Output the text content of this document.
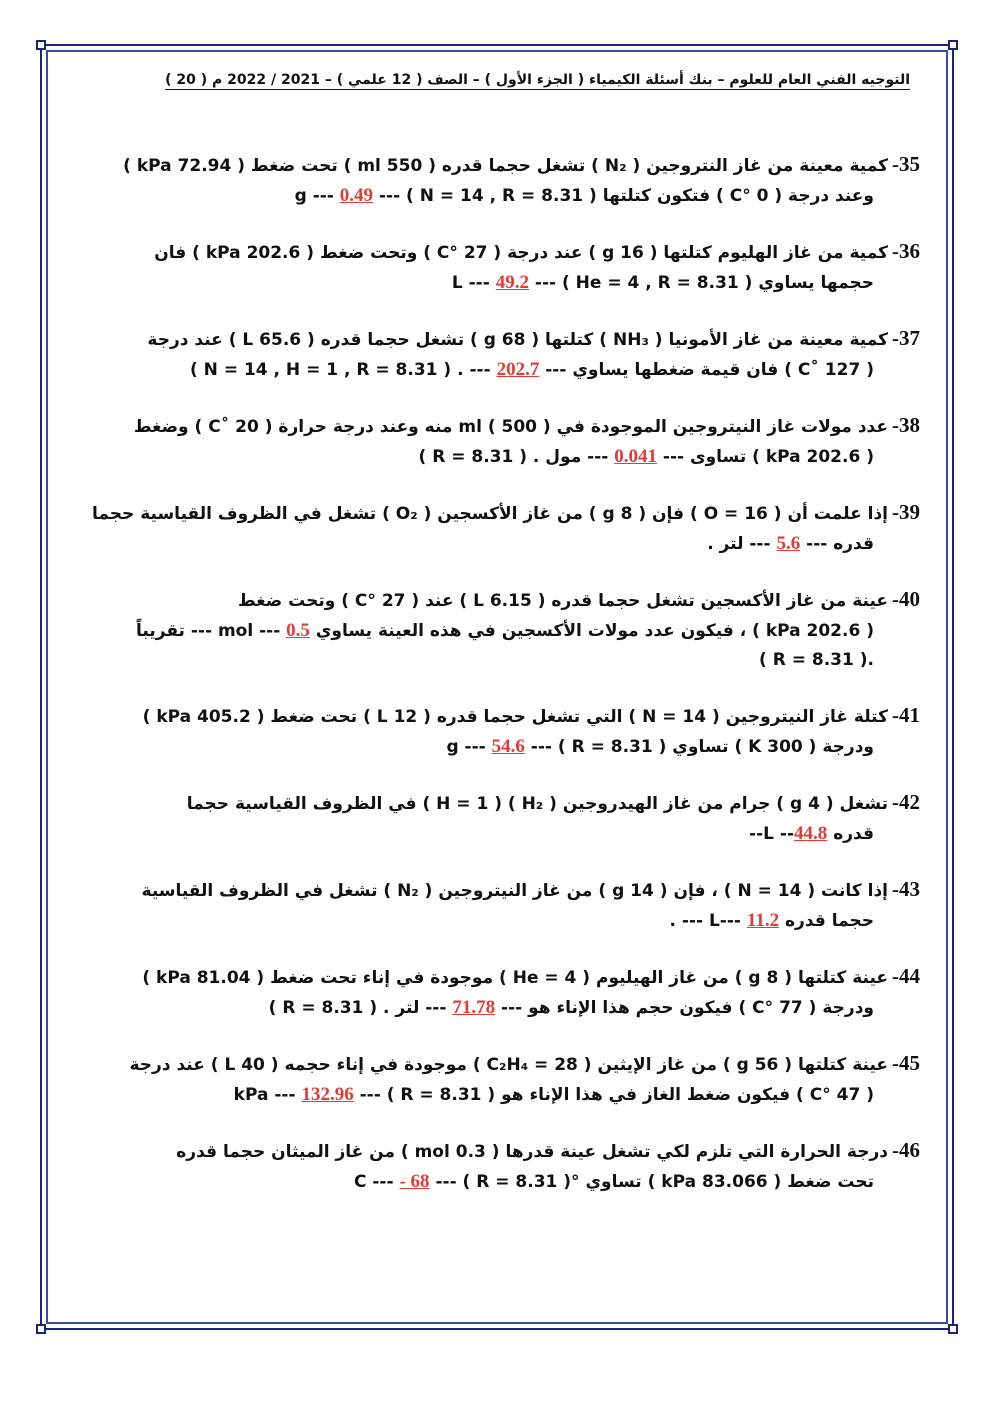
التوجيه الفني العام للعلوم – بنك أسئلة الكيمياء ( الجزء الأول ) – الصف ( 12 علمي ) – 2021 / 2022 م ( 20 )
35-كمية معينة من غاز النتروجين ( N₂ ) تشغل حجما قدره ( 550 ml ) تحت ضغط ( 72.94 kPa )
وعند درجة ( 0 °C ) فتكون كتلتها g --- 0.49 --- ( N = 14 , R = 8.31 )
36-كمية من غاز الهليوم كتلتها ( 16 g ) عند درجة ( 27 °C ) وتحت ضغط ( 202.6 kPa ) فان
حجمها يساوي L --- 49.2 --- ( He = 4 , R = 8.31 )
37-كمية معينة من غاز الأمونيا ( NH₃ ) كتلتها ( 68 g ) تشغل حجما قدره ( 65.6 L ) عند درجة
( 127 ˚C ) فان قيمة ضغطها يساوي --- 202.7 --- . ( N = 14 , H = 1 , R = 8.31 )
38-عدد مولات غاز النيتروجين الموجودة في ml ( 500 ) منه وعند درجة حرارة ( 20 ˚C ) وضغط
( 202.6 kPa ) تساوى --- 0.041 --- مول . ( R = 8.31 )
39-إذا علمت أن ( O = 16 ) فإن ( 8 g ) من غاز الأكسجين ( O₂ ) تشغل في الظروف القياسية حجما
قدره --- 5.6 --- لتر .
40-عينة من غاز الأكسجين تشغل حجما قدره ( 6.15 L ) عند ( 27 °C ) وتحت ضغط
( 202.6 kPa ) ، فيكون عدد مولات الأكسجين في هذه العينة يساوي mol --- 0.5 --- تقريباً
.( R = 8.31 )
41-كتلة غاز النيتروجين ( N = 14 ) التي تشغل حجما قدره ( 12 L ) تحت ضغط ( 405.2 kPa )
ودرجة ( 300 K ) تساوي g --- 54.6 --- ( R = 8.31 )
42-تشغل ( 4 g ) جرام من غاز الهيدروجين ( H₂ ) ( H = 1 ) في الظروف القياسية حجما
قدره L --44.8--
43-إذا كانت ( N = 14 ) ، فإن ( 14 g ) من غاز النيتروجين ( N₂ ) تشغل في الظروف القياسية
حجما قدره L--- 11.2 --- .
44-عينة كتلتها ( 8 g ) من غاز الهيليوم ( He = 4 ) موجودة في إناء تحت ضغط ( 81.04 kPa )
ودرجة ( 77 °C ) فيكون حجم هذا الإناء هو --- 71.78 --- لتر . ( R = 8.31 )
45-عينة كتلتها ( 56 g ) من غاز الإيثين ( C₂H₄ = 28 ) موجودة في إناء حجمه ( 40 L ) عند درجة
( 47 °C ) فيكون ضغط الغاز في هذا الإناء هو kPa --- 132.96 --- ( R = 8.31 )
46-درجة الحرارة التي تلزم لكي تشغل عينة قدرها ( 0.3 mol ) من غاز الميثان حجما قدره
تحت ضغط ( 83.066 kPa ) تساوي °C --- - 68 --- ( R = 8.31 )
